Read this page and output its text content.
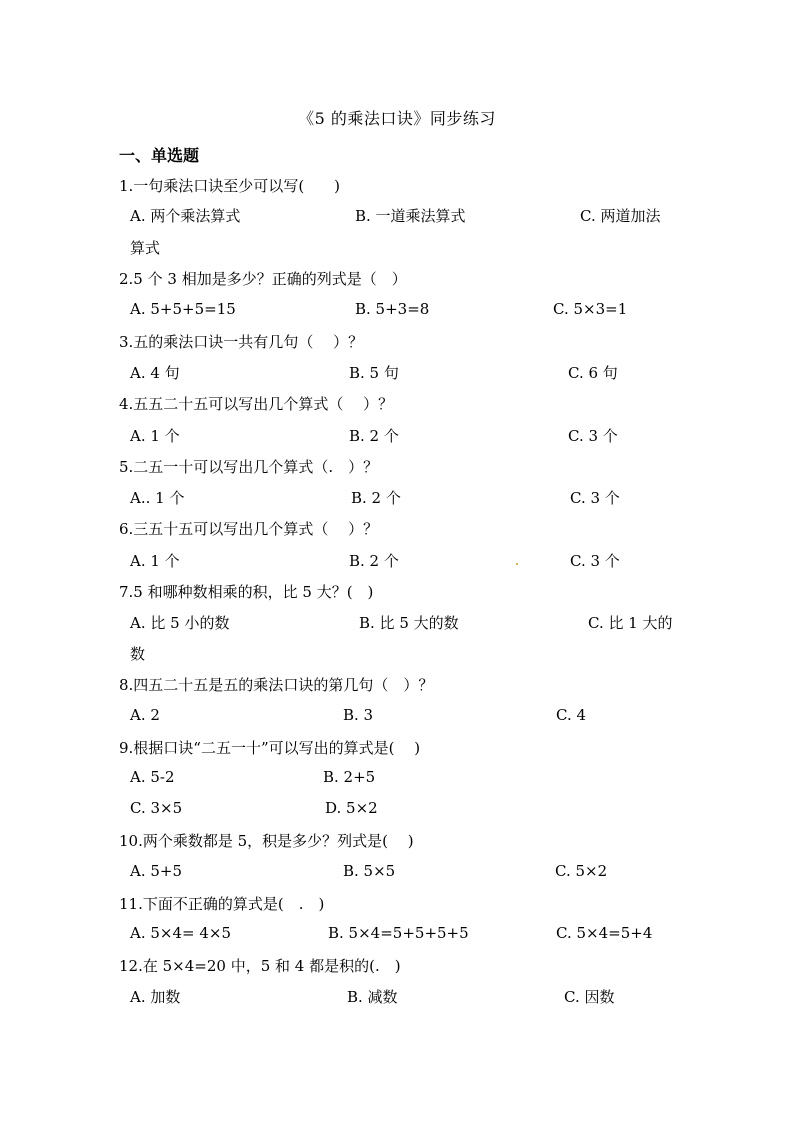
《5 的乘法口诀》同步练习
一、单选题
1.一句乘法口诀至少可以写(　　)
A. 两个乘法算式	B. 一道乘法算式	C. 两道加法
算式
2.5 个 3 相加是多少？正确的列式是（　）
A. 5+5+5=15	B. 5+3=8	C. 5×3=1
3.五的乘法口诀一共有几句（　 ）？
A. 4 句	B. 5 句	C. 6 句
4.五五二十五可以写出几个算式（　 ）？
A. 1 个	B. 2 个	C. 3 个
5.二五一十可以写出几个算式（.　）？
A.. 1 个	B. 2 个	C. 3 个
6.三五十五可以写出几个算式（　 ）？
A. 1 个	B. 2 个	C. 3 个
7.5 和哪种数相乘的积，比 5 大？(　)
A. 比 5 小的数	B. 比 5 大的数	C. 比 1 大的
数
8.四五二十五是五的乘法口诀的第几句（　）？
A. 2	B. 3	C. 4
9.根据口诀“二五一十”可以写出的算式是(　 )
A. 5-2	B. 2+5
C. 3×5	D. 5×2
10.两个乘数都是 5，积是多少？列式是(　 )
A. 5+5	B. 5×5	C. 5×2
11.下面不正确的算式是(　.　)
A. 5×4= 4×5	B. 5×4=5+5+5+5	C. 5×4=5+4
12.在 5×4=20 中，5 和 4 都是积的(.　)
A. 加数	B. 减数	C. 因数
